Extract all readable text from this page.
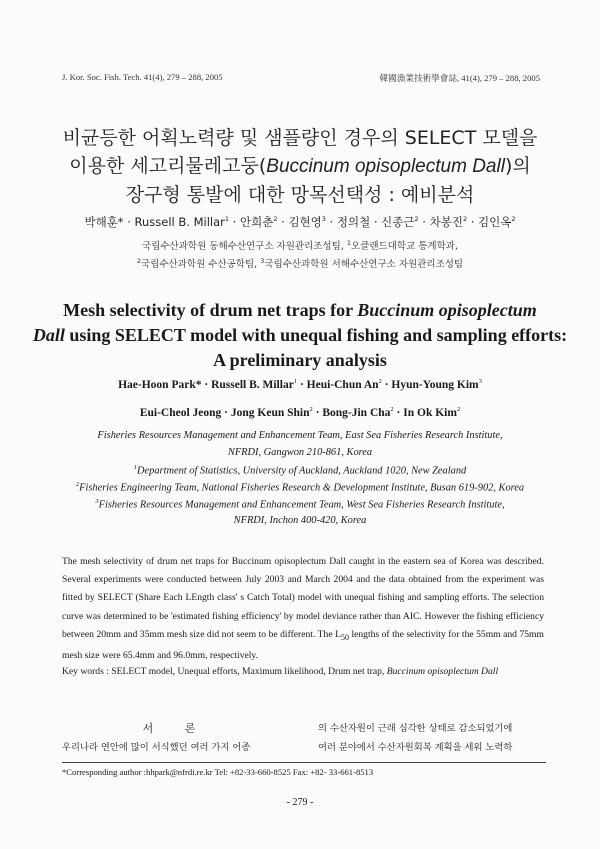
J. Kor. Soc. Fish. Tech. 41(4), 279 – 288, 2005	韓國漁業技術學會誌, 41(4), 279 – 288, 2005
비균등한 어획노력량 및 샘플량인 경우의 SELECT 모델을
이용한 세고리물레고둥(Buccinum opisoplectum Dall)의
장구형 통발에 대한 망목선택성 : 예비분석
박해훈* · Russell B. Millar$^1$ · 안희춘$^2$ · 김현영$^3$ · 정의철 · 신종근$^2$ · 차봉진$^2$ · 김인옥$^2$
국립수산과학원 동해수산연구소 자원관리조성팀, $^1$오클랜드대학교 통계학과,
$^2$국립수산과학원 수산공학팀, $^3$국립수산과학원 서해수산연구소 자원관리조성팀
Mesh selectivity of drum net traps for Buccinum opisoplectum
Dall using SELECT model with unequal fishing and sampling efforts: A preliminary analysis
Hae-Hoon Park* · Russell B. Millar$^1$ · Heui-Chun $An^2$ · Hyun-Young Kim$^3$
Eui-Cheol Jeong · Jong Keun Shin$^2$ · Bong-Jin Cha$^2$ · In Ok Kim$^2$
Fisheries Resources Management and Enhancement Team, East Sea Fisheries Research Institute,
NFRDI, Gangwon 210-861, Korea
$^1$Department of Statistics, University of Auckland, Auckland 1020, New Zealand
$^2$Fisheries Engineering Team, National Fisheries Research & Development Institute, Busan 619-902, Korea
$^3$Fisheries Resources Management and Enhancement Team, West Sea Fisheries Research Institute,
NFRDI, Inchon 400-420, Korea

The mesh selectivity of drum net traps for Buccinum opisoplectum Dall caught in the eastern sea of Korea was described. Several experiments were conducted between July 2003 and March 2004 and the data obtained from the experiment was fitted by SELECT (Share Each LEngth class' s Catch Total) model with unequal fishing and sampling efforts. The selection curve was determined to be 'estimated fishing efficiency' by model deviance rather than AIC. However the fishing efficiency between 20mm and 35mm mesh size did not seem to be different. The $L_{50}$ lengths of the selectivity for the 55mm and 75mm mesh size were 65.4mm and 96.0mm, respectively.

Key words : SELECT model, Unequal efforts, Maximum likelihood, Drum net trap, Buccinum opisoplectum Dall

서 론
우리나라 연안에 많이 서식했던 여러 가지 어종
의 수산자원이 근래 심각한 상태로 감소되었기에
여러 분야에서 수산자원회복 계획을 세워 노력하
*Corresponding author :hhpark@nfrdi.re.kr Tel: +82-33-660-8525 Fax: +82- 33-661-8513
- 279 -
